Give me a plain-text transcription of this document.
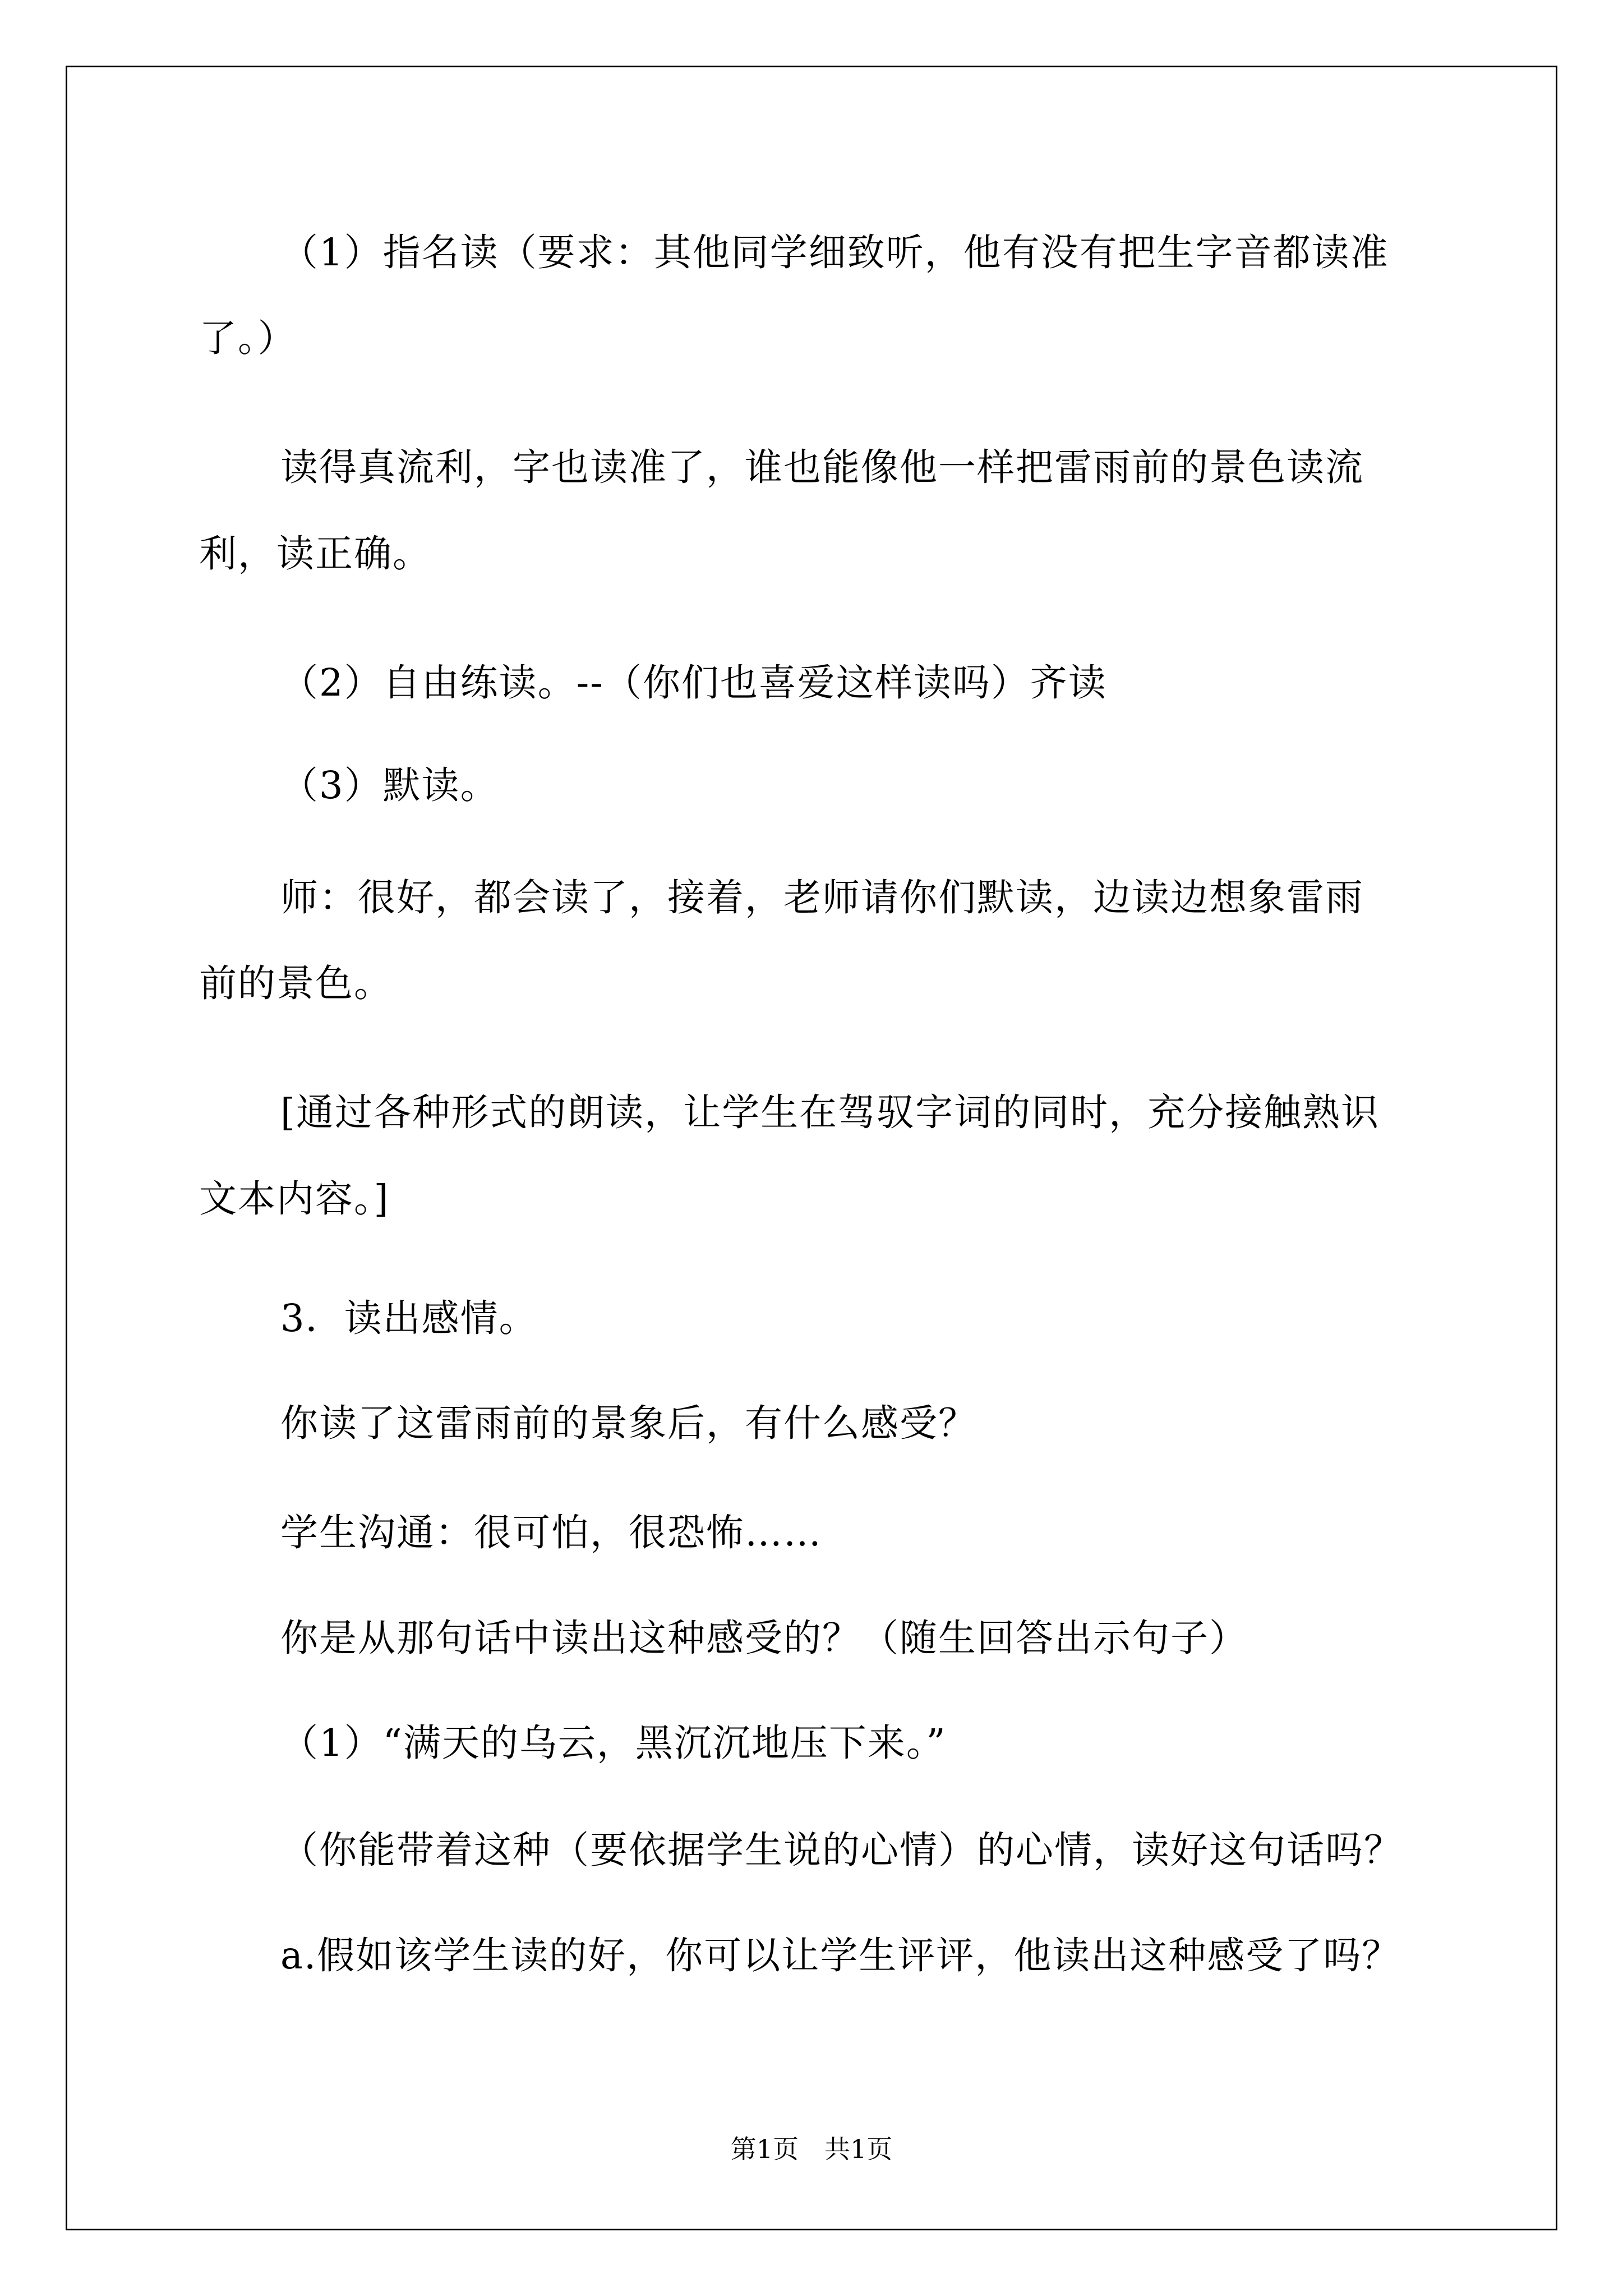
（1）指名读（要求：其他同学细致听，他有没有把生字音都读准
了。）
读得真流利，字也读准了，谁也能像他一样把雷雨前的景色读流
利，读正确。
（2）自由练读。--（你们也喜爱这样读吗）齐读
（3）默读。
师：很好，都会读了，接着，老师请你们默读，边读边想象雷雨
前的景色。
[通过各种形式的朗读，让学生在驾驭字词的同时，充分接触熟识
文本内容。]
3．读出感情。
你读了这雷雨前的景象后，有什么感受？
学生沟通：很可怕，很恐怖……
你是从那句话中读出这种感受的？（随生回答出示句子）
（1）“满天的乌云，黑沉沉地压下来。”
（你能带着这种（要依据学生说的心情）的心情，读好这句话吗？
a.假如该学生读的好，你可以让学生评评，他读出这种感受了吗？
第1页　共1页
